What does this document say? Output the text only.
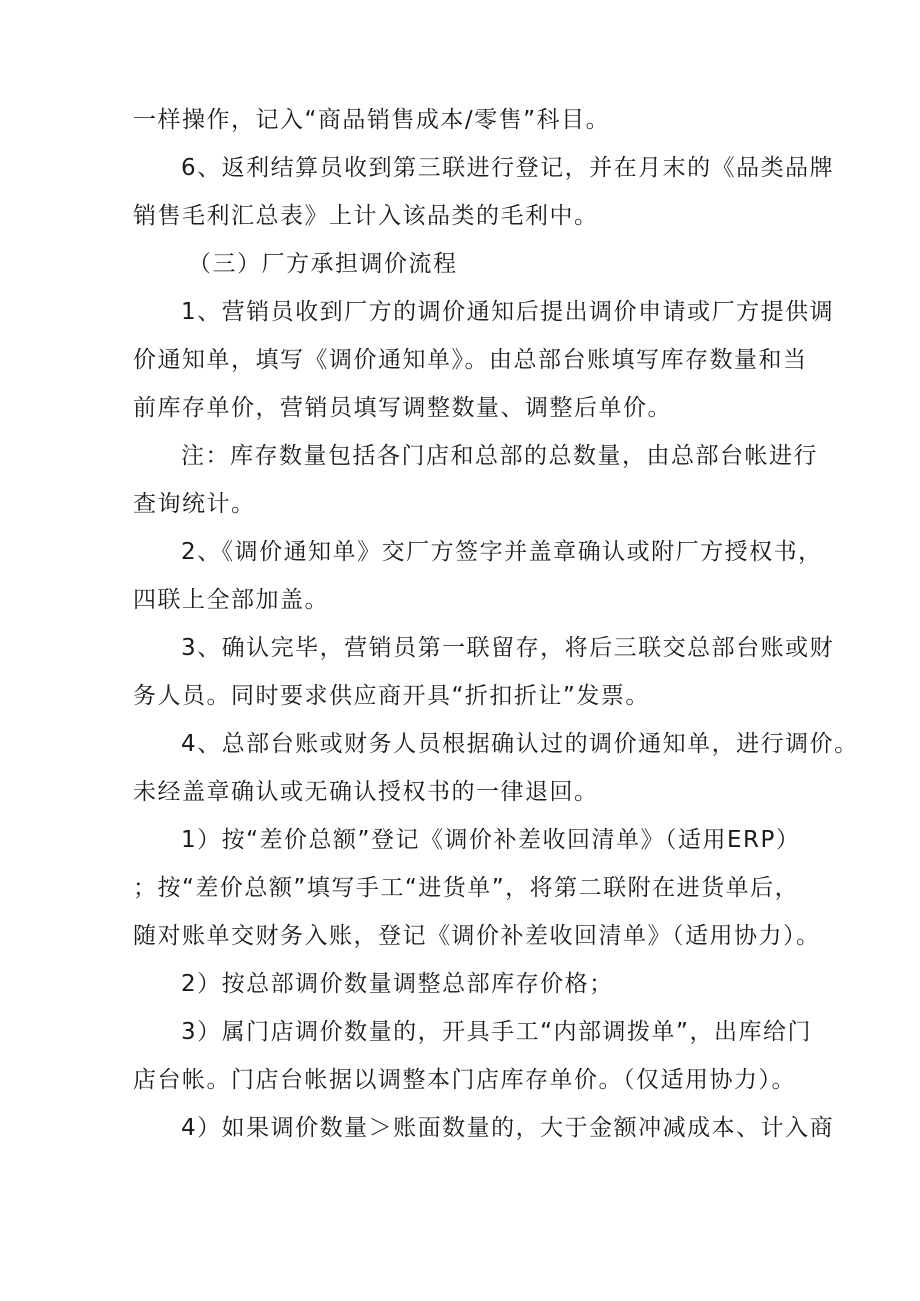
一样操作，记入“商品销售成本/零售”科目。
6、返利结算员收到第三联进行登记，并在月末的《品类品牌
销售毛利汇总表》上计入该品类的毛利中。
（三）厂方承担调价流程
1、营销员收到厂方的调价通知后提出调价申请或厂方提供调
价通知单，填写《调价通知单》。由总部台账填写库存数量和当
前库存单价，营销员填写调整数量、调整后单价。
注：库存数量包括各门店和总部的总数量，由总部台帐进行
查询统计。
2、《调价通知单》交厂方签字并盖章确认或附厂方授权书，
四联上全部加盖。
3、确认完毕，营销员第一联留存，将后三联交总部台账或财
务人员。同时要求供应商开具“折扣折让”发票。
4、总部台账或财务人员根据确认过的调价通知单，进行调价。
未经盖章确认或无确认授权书的一律退回。
1）按“差价总额”登记《调价补差收回清单》（适用ERP）
；按“差价总额”填写手工“进货单”，将第二联附在进货单后，
随对账单交财务入账，登记《调价补差收回清单》（适用协力）。
2）按总部调价数量调整总部库存价格；
3）属门店调价数量的，开具手工“内部调拨单”，出库给门
店台帐。门店台帐据以调整本门店库存单价。（仅适用协力）。
4）如果调价数量＞账面数量的，大于金额冲减成本、计入商
